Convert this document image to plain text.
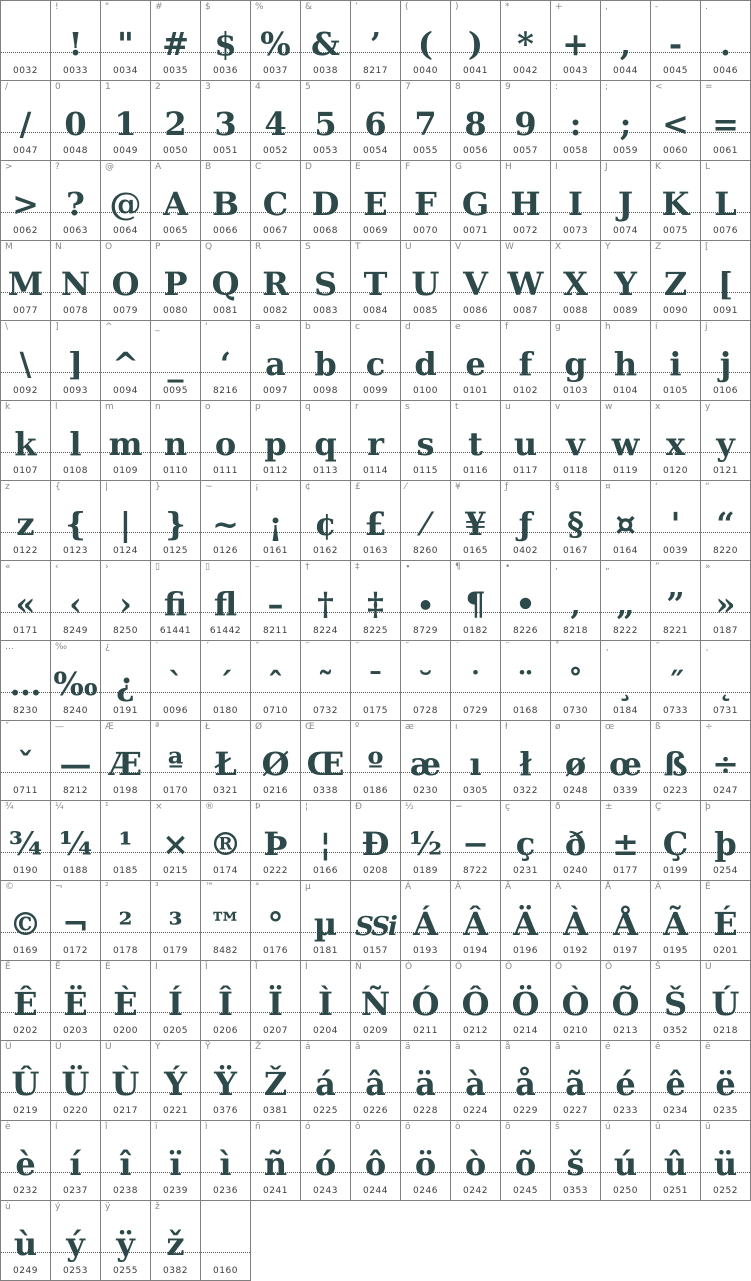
0032
!
!
0033
"
"
0034
#
#
0035
$
$
0036
%
%
0037
&
&
0038
’
’
8217
(
(
0040
)
)
0041
*
*
0042
+
+
0043
,
,
0044
-
-
0045
.
.
0046
/
/
0047
0
0
0048
1
1
0049
2
2
0050
3
3
0051
4
4
0052
5
5
0053
6
6
0054
7
7
0055
8
8
0056
9
9
0057
:
:
0058
;
;
0059
<
<
0060
=
=
0061
>
>
0062
?
?
0063
@
@
0064
A
A
0065
B
B
0066
C
C
0067
D
D
0068
E
E
0069
F
F
0070
G
G
0071
H
H
0072
I
I
0073
J
J
0074
K
K
0075
L
L
0076
M
M
0077
N
N
0078
O
O
0079
P
P
0080
Q
Q
0081
R
R
0082
S
S
0083
T
T
0084
U
U
0085
V
V
0086
W
W
0087
X
X
0088
Y
Y
0089
Z
Z
0090
[
[
0091
\
\
0092
]
]
0093
^
^
0094
_
_
0095
‘
‘
8216
a
a
0097
b
b
0098
c
c
0099
d
d
0100
e
e
0101
f
f
0102
g
g
0103
h
h
0104
i
i
0105
j
j
0106
k
k
0107
l
l
0108
m
m
0109
n
n
0110
o
o
0111
p
p
0112
q
q
0113
r
r
0114
s
s
0115
t
t
0116
u
u
0117
v
v
0118
w
w
0119
x
x
0120
y
y
0121
z
z
0122
{
{
0123
|
|
0124
}
}
0125
~
~
0126
¡
¡
0161
¢
¢
0162
£
£
0163
⁄
⁄
8260
¥
¥
0165
ƒ
ƒ
0402
§
§
0167
¤
¤
0164
'
'
0039
“
“
8220
«
«
0171
‹
‹
8249
›
›
8250
▯
fi
61441
▯
fl
61442
–
–
8211
†
†
8224
‡
‡
8225
∙
∙
8729
¶
¶
0182
•
•
8226
‚
‚
8218
„
„
8222
”
”
8221
»
»
0187
…
…
8230
‰
‰
8240
¿
¿
0191
`
`
0096
´
´
0180
ˆ
ˆ
0710
˜
˜
0732
¯
¯
0175
˘
˘
0728
˙
˙
0729
¨
¨
0168
˚
˚
0730
¸
¸
0184
˝
˝
0733
˛
˛
0731
ˇ
ˇ
0711
—
—
8212
Æ
Æ
0198
ª
ª
0170
Ł
Ł
0321
Ø
Ø
0216
Œ
Œ
0338
º
º
0186
æ
æ
0230
ı
ı
0305
ł
ł
0322
ø
ø
0248
œ
œ
0339
ß
ß
0223
÷
÷
0247
¾
¾
0190
¼
¼
0188
¹
¹
0185
×
×
0215
®
®
0174
Þ
Þ
0222
¦
¦
0166
Ð
Ð
0208
½
½
0189
−
−
8722
ç
ç
0231
ð
ð
0240
±
±
0177
Ç
Ç
0199
þ
þ
0254
©
©
0169
¬
¬
0172
²
²
0178
³
³
0179
™
™
8482
°
°
0176
µ
µ
0181
SSi
0157
Á
Á
0193
Â
Â
0194
Ä
Ä
0196
À
À
0192
Å
Å
0197
Ã
Ã
0195
É
É
0201
Ê
Ê
0202
Ë
Ë
0203
È
È
0200
Í
Í
0205
Î
Î
0206
Ï
Ï
0207
Ì
Ì
0204
Ñ
Ñ
0209
Ó
Ó
0211
Ô
Ô
0212
Ö
Ö
0214
Ò
Ò
0210
Õ
Õ
0213
Š
Š
0352
Ú
Ú
0218
Û
Û
0219
Ü
Ü
0220
Ù
Ù
0217
Ý
Ý
0221
Ÿ
Ÿ
0376
Ž
Ž
0381
á
á
0225
â
â
0226
ä
ä
0228
à
à
0224
å
å
0229
ã
ã
0227
é
é
0233
ê
ê
0234
ë
ë
0235
è
è
0232
í
í
0237
î
î
0238
ï
ï
0239
ì
ì
0236
ñ
ñ
0241
ó
ó
0243
ô
ô
0244
ö
ö
0246
ò
ò
0242
õ
õ
0245
š
š
0353
ú
ú
0250
û
û
0251
ü
ü
0252
ù
ù
0249
ý
ý
0253
ÿ
ÿ
0255
ž
ž
0382	0160
